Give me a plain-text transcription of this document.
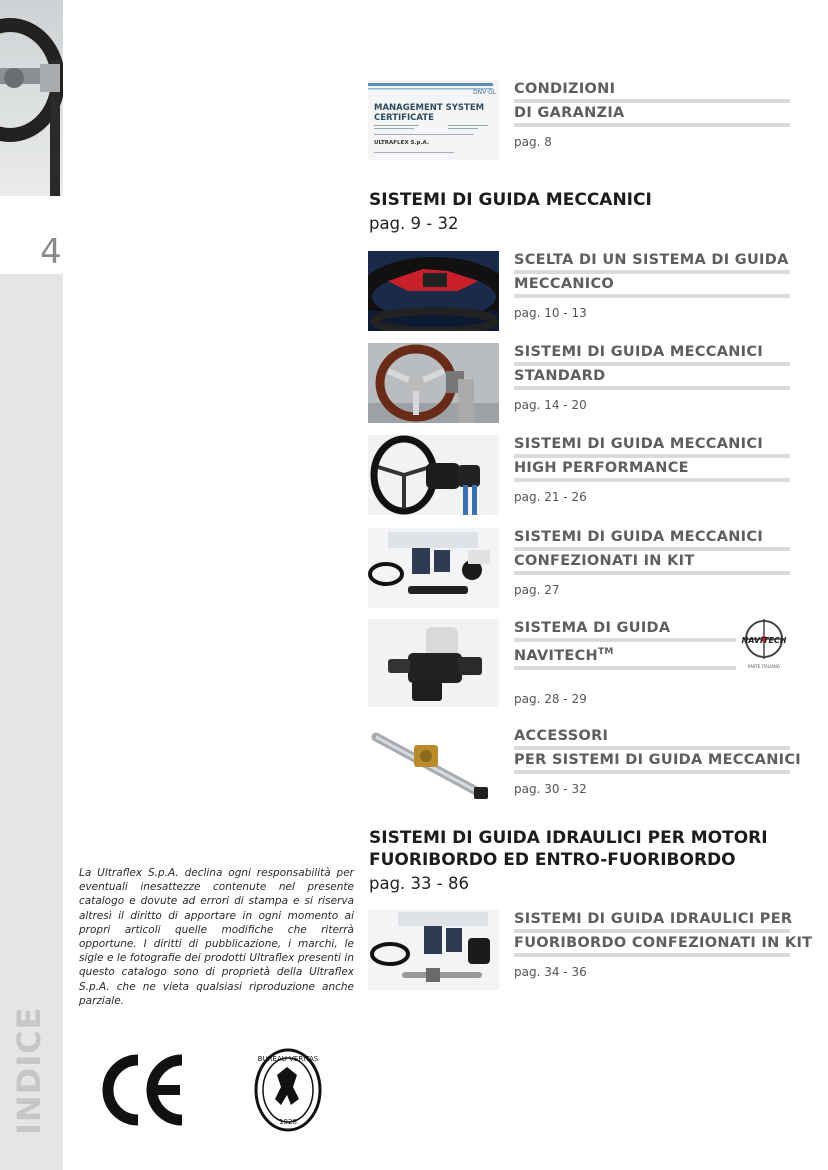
4
INDICE
DNV·GL
MANAGEMENT SYSTEM
CERTIFICATE
ULTRAFLEX S.p.A.
CONDIZIONI
DI GARANZIA
pag. 8
SISTEMI DI GUIDA MECCANICI
pag. 9 - 32
SCELTA DI UN SISTEMA DI GUIDA
MECCANICO
pag. 10 - 13
SISTEMI DI GUIDA MECCANICI
STANDARD
pag. 14 - 20
SISTEMI DI GUIDA MECCANICI
HIGH PERFORMANCE
pag. 21 - 26
SISTEMI DI GUIDA MECCANICI
CONFEZIONATI IN KIT
pag. 27
SISTEMA DI GUIDA
NAVITECH™
pag. 28 - 29
NAVITECH
PARTE ITALIANO
ACCESSORI
PER SISTEMI DI GUIDA MECCANICI
pag. 30 - 32
SISTEMI DI GUIDA IDRAULICI PER MOTORI
FUORIBORDO ED ENTRO-FUORIBORDO
pag. 33 - 86
SISTEMI DI GUIDA IDRAULICI PER
FUORIBORDO CONFEZIONATI IN KIT
pag. 34 - 36
La Ultraflex S.p.A. declina ogni responsabilità per eventuali inesattezze contenute nel presente catalogo e dovute ad errori di stampa e si riserva altresì il diritto di apportare in ogni momento ai propri articoli quelle modifiche che riterrà opportune. I diritti di pubblicazione, i marchi, le sigle e le fotografie dei prodotti Ultraflex presenti in questo catalogo sono di proprietà della Ultraflex S.p.A. che ne vieta qualsiasi riproduzione anche parziale.
BUREAU VERITAS
1828
